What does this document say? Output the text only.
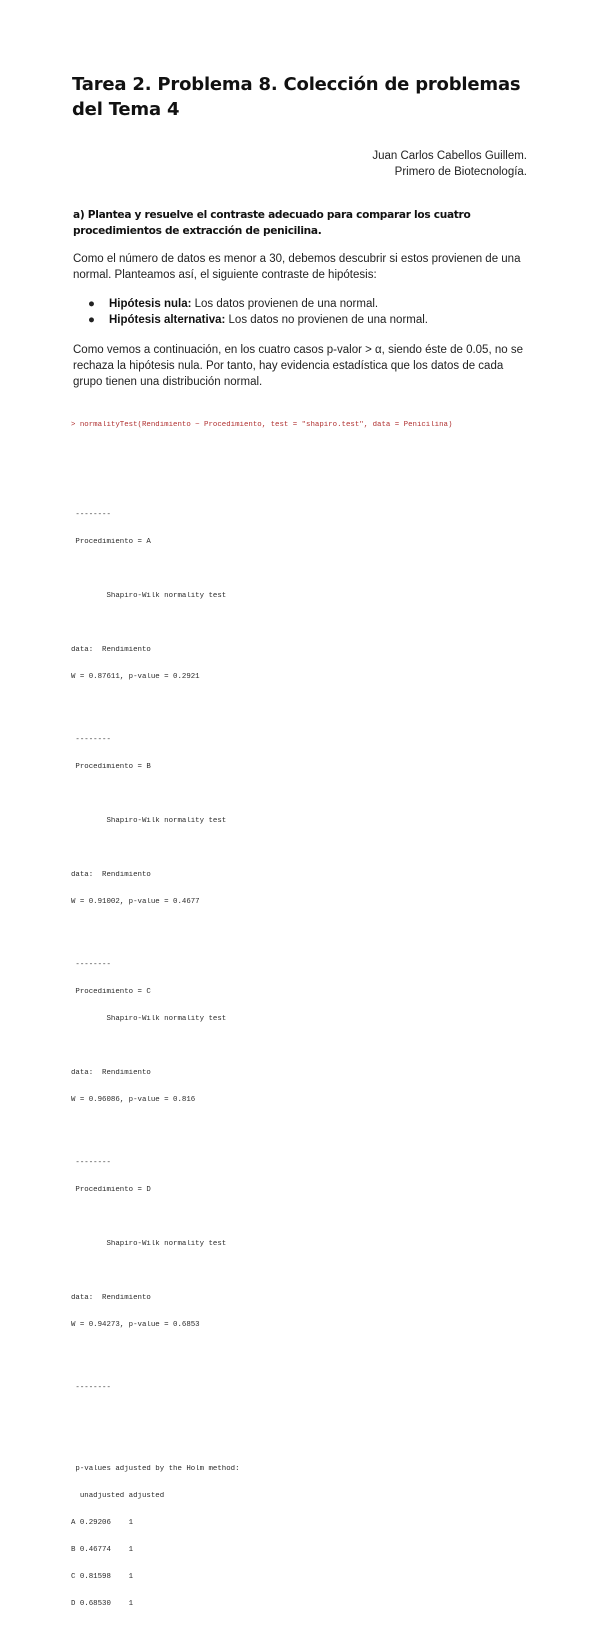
Tarea 2. Problema 8. Colección de problemas del Tema 4
Juan Carlos Cabellos Guillem.
Primero de Biotecnología.
a) Plantea y resuelve el contraste adecuado para comparar los cuatro procedimientos de extracción de penicilina.
Como el número de datos es menor a 30, debemos descubrir si estos provienen de una normal. Planteamos así, el siguiente contraste de hipótesis:
● Hipótesis nula: Los datos provienen de una normal.
● Hipótesis alternativa: Los datos no provienen de una normal.
Como vemos a continuación, en los cuatro casos p-valor > α, siendo éste de 0.05, no se rechaza la hipótesis nula. Por tanto, hay evidencia estadística que los datos de cada grupo tienen una distribución normal.

> normalityTest(Rendimiento ~ Procedimiento, test = "shapiro.test", data = Penicilina)

--------

Procedimiento = A

Shapiro-Wilk normality test

data:  Rendimiento

W = 0.87611, p-value = 0.2921

--------

Procedimiento = B

Shapiro-Wilk normality test

data:  Rendimiento

W = 0.91002, p-value = 0.4677

--------

Procedimiento = C

Shapiro-Wilk normality test

data:  Rendimiento

W = 0.96086, p-value = 0.816

--------

Procedimiento = D

Shapiro-Wilk normality test

data:  Rendimiento

W = 0.94273, p-value = 0.6853

--------

p-values adjusted by the Holm method:

unadjusted adjusted

A 0.29206    1

B 0.46774    1

C 0.81598    1

D 0.68530    1
